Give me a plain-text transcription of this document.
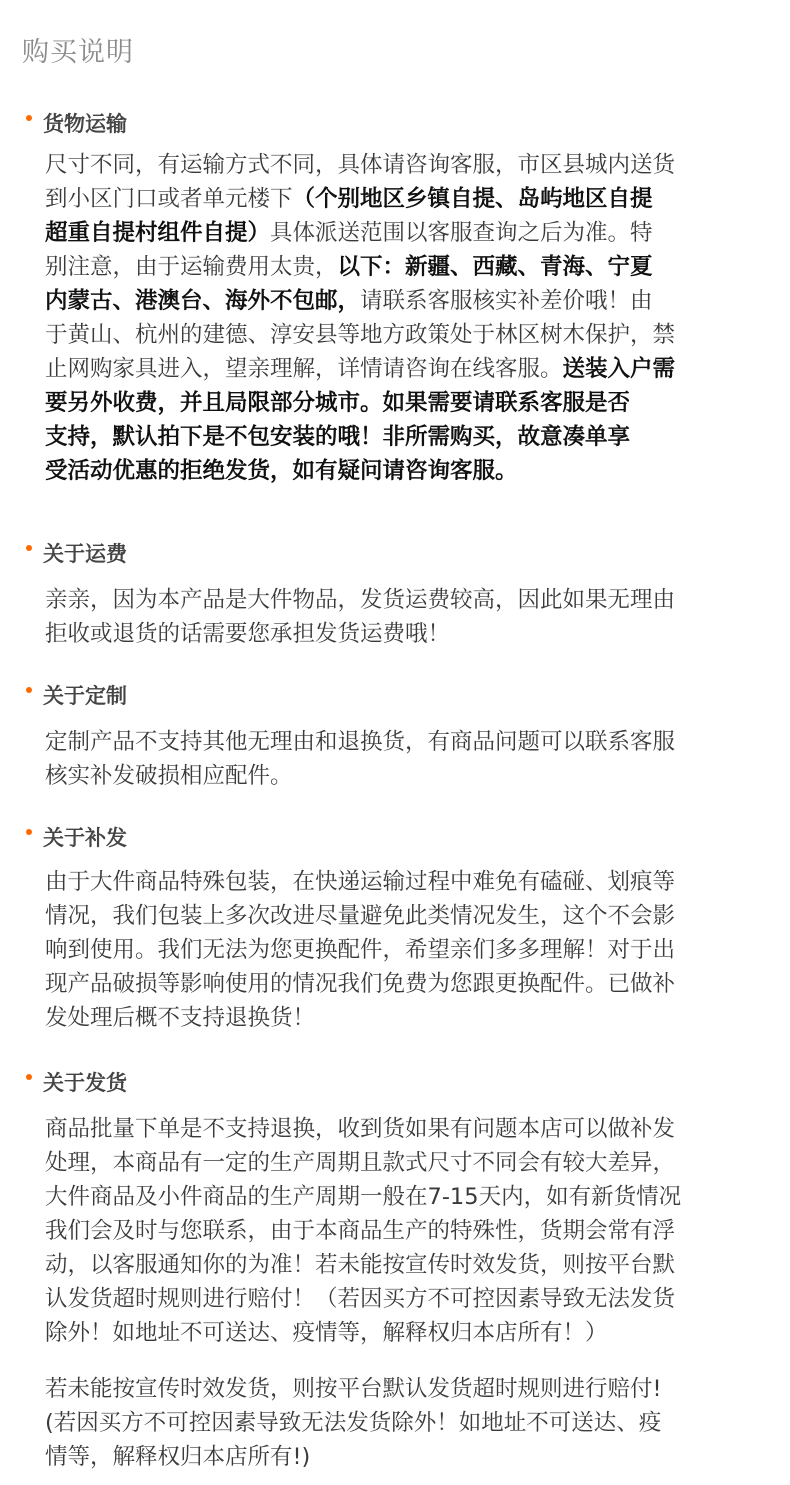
购买说明
货物运输
尺寸不同，有运输方式不同，具体请咨询客服，市区县城内送货
到小区门口或者单元楼下（个别地区乡镇自提、岛屿地区自提
超重自提村组件自提）具体派送范围以客服查询之后为准。特
别注意，由于运输费用太贵，以下：新疆、西藏、青海、宁夏
内蒙古、港澳台、海外不包邮，请联系客服核实补差价哦！由
于黄山、杭州的建德、淳安县等地方政策处于林区树木保护，禁
止网购家具进入，望亲理解，详情请咨询在线客服。送装入户需
要另外收费，并且局限部分城市。如果需要请联系客服是否
支持，默认拍下是不包安装的哦！非所需购买，故意凑单享
受活动优惠的拒绝发货，如有疑问请咨询客服。
关于运费
亲亲，因为本产品是大件物品，发货运费较高，因此如果无理由
拒收或退货的话需要您承担发货运费哦！
关于定制
定制产品不支持其他无理由和退换货，有商品问题可以联系客服
核实补发破损相应配件。
关于补发
由于大件商品特殊包装，在快递运输过程中难免有磕碰、划痕等
情况，我们包装上多次改进尽量避免此类情况发生，这个不会影
响到使用。我们无法为您更换配件，希望亲们多多理解！对于出
现产品破损等影响使用的情况我们免费为您跟更换配件。已做补
发处理后概不支持退换货！
关于发货
商品批量下单是不支持退换，收到货如果有问题本店可以做补发
处理，本商品有一定的生产周期且款式尺寸不同会有较大差异，
大件商品及小件商品的生产周期一般在7-15天内，如有新货情况
我们会及时与您联系，由于本商品生产的特殊性，货期会常有浮
动，以客服通知你的为准！若未能按宣传时效发货，则按平台默
认发货超时规则进行赔付！（若因买方不可控因素导致无法发货
除外！如地址不可送达、疫情等，解释权归本店所有！）
若未能按宣传时效发货，则按平台默认发货超时规则进行赔付!
(若因买方不可控因素导致无法发货除外！如地址不可送达、疫
情等，解释权归本店所有!)
